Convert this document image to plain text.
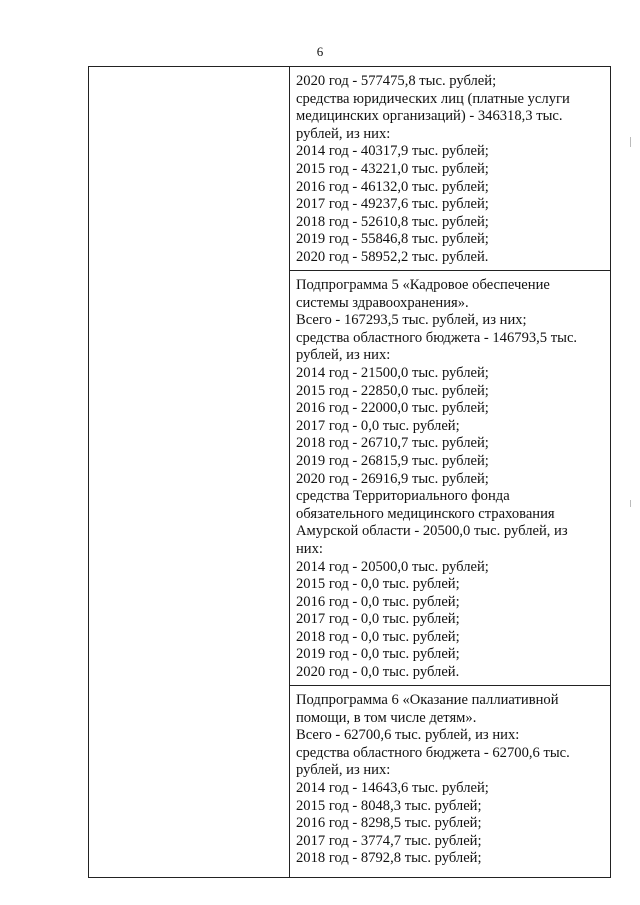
6
2020 год - 577475,8 тыс. рублей;
средства юридических лиц (платные услуги
медицинских организаций) - 346318,3 тыс.
рублей, из них:
2014 год - 40317,9 тыс. рублей;
2015 год - 43221,0 тыс. рублей;
2016 год - 46132,0 тыс. рублей;
2017 год - 49237,6 тыс. рублей;
2018 год - 52610,8 тыс. рублей;
2019 год - 55846,8 тыс. рублей;
2020 год - 58952,2 тыс. рублей.
Подпрограмма 5 «Кадровое обеспечение
системы здравоохранения».
Всего - 167293,5 тыс. рублей, из них;
средства областного бюджета - 146793,5 тыс.
рублей, из них:
2014 год - 21500,0 тыс. рублей;
2015 год - 22850,0 тыс. рублей;
2016 год - 22000,0 тыс. рублей;
2017 год - 0,0 тыс. рублей;
2018 год - 26710,7 тыс. рублей;
2019 год - 26815,9 тыс. рублей;
2020 год - 26916,9 тыс. рублей;
средства Территориального фонда
обязательного медицинского страхования
Амурской области - 20500,0 тыс. рублей, из
них:
2014 год - 20500,0 тыс. рублей;
2015 год - 0,0 тыс. рублей;
2016 год - 0,0 тыс. рублей;
2017 год - 0,0 тыс. рублей;
2018 год - 0,0 тыс. рублей;
2019 год - 0,0 тыс. рублей;
2020 год - 0,0 тыс. рублей.
Подпрограмма 6 «Оказание паллиативной
помощи, в том числе детям».
Всего - 62700,6 тыс. рублей, из них:
средства областного бюджета - 62700,6 тыс.
рублей, из них:
2014 год - 14643,6 тыс. рублей;
2015 год - 8048,3 тыс. рублей;
2016 год - 8298,5 тыс. рублей;
2017 год - 3774,7 тыс. рублей;
2018 год - 8792,8 тыс. рублей;
